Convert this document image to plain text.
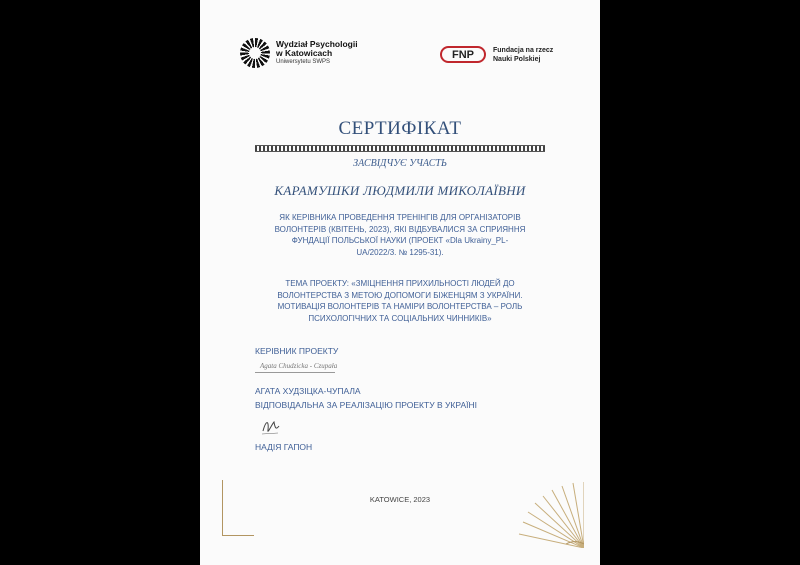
Wydział Psychologii
w Katowicach
Uniwersytetu SWPS
FNP	Fundacja na rzecz
Nauki Polskiej
СЕРТИФІКАТ
ЗАСВІДЧУЄ УЧАСТЬ
КАРАМУШКИ ЛЮДМИЛИ МИКОЛАЇВНИ
ЯК КЕРІВНИКА ПРОВЕДЕННЯ ТРЕНІНГІВ ДЛЯ ОРГАНІЗАТОРІВ
ВОЛОНТЕРІВ (КВІТЕНЬ, 2023), ЯКІ ВІДБУВАЛИСЯ ЗА СПРИЯННЯ
ФУНДАЦІЇ ПОЛЬСЬКОЇ НАУКИ (ПРОЕКТ «Dla Ukrainy_PL-
UA/2022/3. № 1295-31).
ТЕМА ПРОЕКТУ: «ЗМІЦНЕННЯ ПРИХИЛЬНОСТІ ЛЮДЕЙ ДО
ВОЛОНТЕРСТВА З МЕТОЮ ДОПОМОГИ БІЖЕНЦЯМ З УКРАЇНИ.
МОТИВАЦІЯ ВОЛОНТЕРІВ ТА НАМІРИ ВОЛОНТЕРСТВА – РОЛЬ
ПСИХОЛОГІЧНИХ ТА СОЦІАЛЬНИХ ЧИННИКІВ»
КЕРІВНИК ПРОЕКТУ
Agata Chudzicka - Czupała
АГАТА ХУДЗІЦКА-ЧУПАЛА
ВІДПОВІДАЛЬНА ЗА РЕАЛІЗАЦІЮ ПРОЕКТУ В УКРАЇНІ
НАДІЯ ГАПОН
KATOWICE, 2023
